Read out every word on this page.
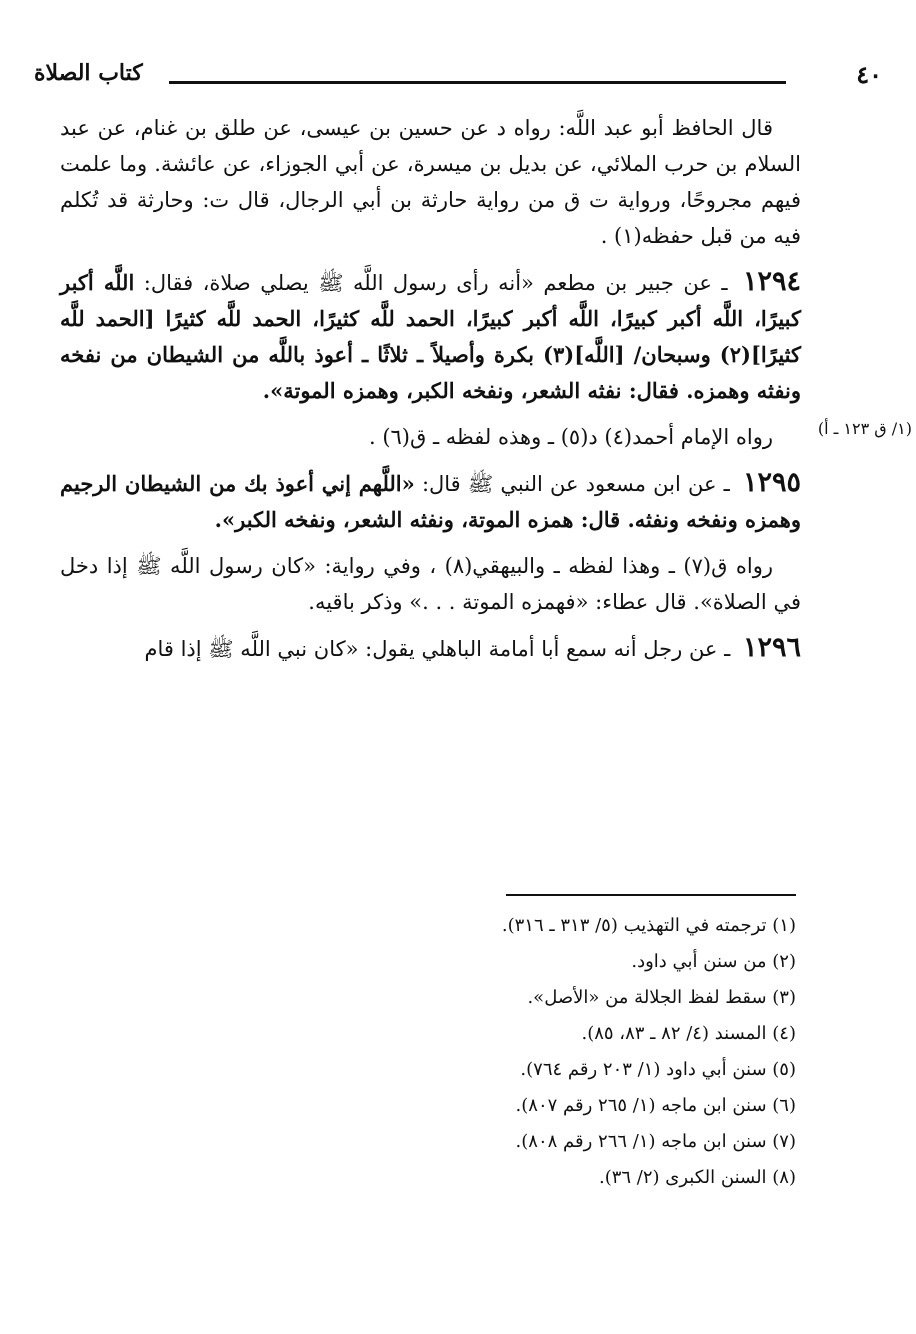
٤٠
كتاب الصلاة
(١/ ق ١٢٣ ـ أ)

قال الحافظ أبو عبد اللَّه: رواه د عن حسين بن عيسى، عن طلق بن غنام، عن عبد السلام بن حرب الملائي، عن بديل بن ميسرة، عن أبي الجوزاء، عن عائشة. وما علمت فيهم مجروحًا، ورواية ت ق من رواية حارثة بن أبي الرجال، قال ت: وحارثة قد تُكلم فيه من قبل حفظه(١) .

١٢٩٤ ـ عن جبير بن مطعم «أنه رأى رسول اللَّه ﷺ يصلي صلاة، فقال: اللَّه أكبر كبيرًا، اللَّه أكبر كبيرًا، اللَّه أكبر كبيرًا، الحمد للَّه كثيرًا، الحمد للَّه كثيرًا [الحمد للَّه كثيرًا](٢) وسبحان/ [اللَّه](٣) بكرة وأصيلاً ـ ثلاثًا ـ أعوذ باللَّه من الشيطان من نفخه ونفثه وهمزه. فقال: نفثه الشعر، ونفخه الكبر، وهمزه الموتة».

رواه الإمام أحمد(٤) د(٥) ـ وهذه لفظه ـ ق(٦) .

١٢٩٥ ـ عن ابن مسعود عن النبي ﷺ قال: «اللَّهم إني أعوذ بك من الشيطان الرجيم وهمزه ونفخه ونفثه. قال: همزه الموتة، ونفثه الشعر، ونفخه الكبر».

رواه ق(٧) ـ وهذا لفظه ـ والبيهقي(٨) ، وفي رواية: «كان رسول اللَّه ﷺ إذا دخل في الصلاة». قال عطاء: «فهمزه الموتة . . .» وذكر باقيه.

١٢٩٦ ـ عن رجل أنه سمع أبا أمامة الباهلي يقول: «كان نبي اللَّه ﷺ إذا قام

(١) ترجمته في التهذيب (٥/ ٣١٣ ـ ٣١٦).
(٢) من سنن أبي داود.
(٣) سقط لفظ الجلالة من «الأصل».
(٤) المسند (٤/ ٨٢ ـ ٨٣، ٨٥).
(٥) سنن أبي داود (١/ ٢٠٣ رقم ٧٦٤).
(٦) سنن ابن ماجه (١/ ٢٦٥ رقم ٨٠٧).
(٧) سنن ابن ماجه (١/ ٢٦٦ رقم ٨٠٨).
(٨) السنن الكبرى (٢/ ٣٦).
